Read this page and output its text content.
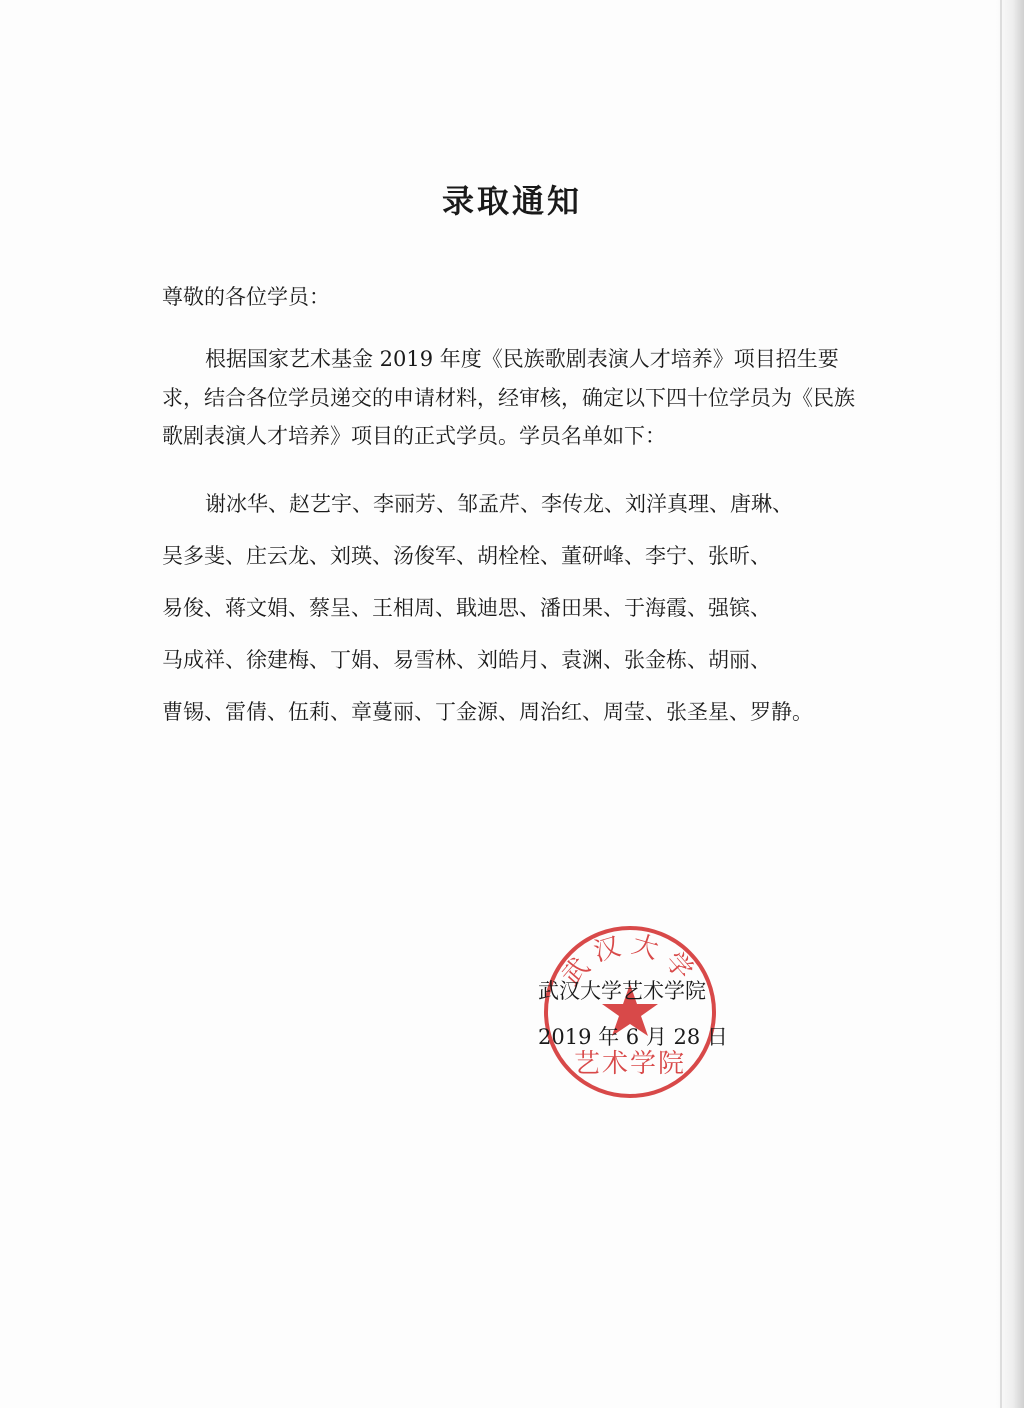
录取通知

尊敬的各位学员：

根据国家艺术基金 2019 年度《民族歌剧表演人才培养》项目招生要求，结合各位学员递交的申请材料，经审核，确定以下四十位学员为《民族歌剧表演人才培养》项目的正式学员。学员名单如下：

谢冰华、赵艺宇、李丽芳、邹孟芹、李传龙、刘洋真理、唐琳、
吴多斐、庄云龙、刘瑛、汤俊军、胡栓栓、董研峰、李宁、张昕、
易俊、蒋文娟、蔡呈、王相周、戢迪思、潘田果、于海霞、强镔、
马成祥、徐建梅、丁娟、易雪林、刘皓月、袁渊、张金栋、胡丽、
曹锡、雷倩、伍莉、章蔓丽、丁金源、周治红、周莹、张圣星、罗静。
武汉大学
艺术学院
武汉大学艺术学院
2019 年 6 月 28 日
